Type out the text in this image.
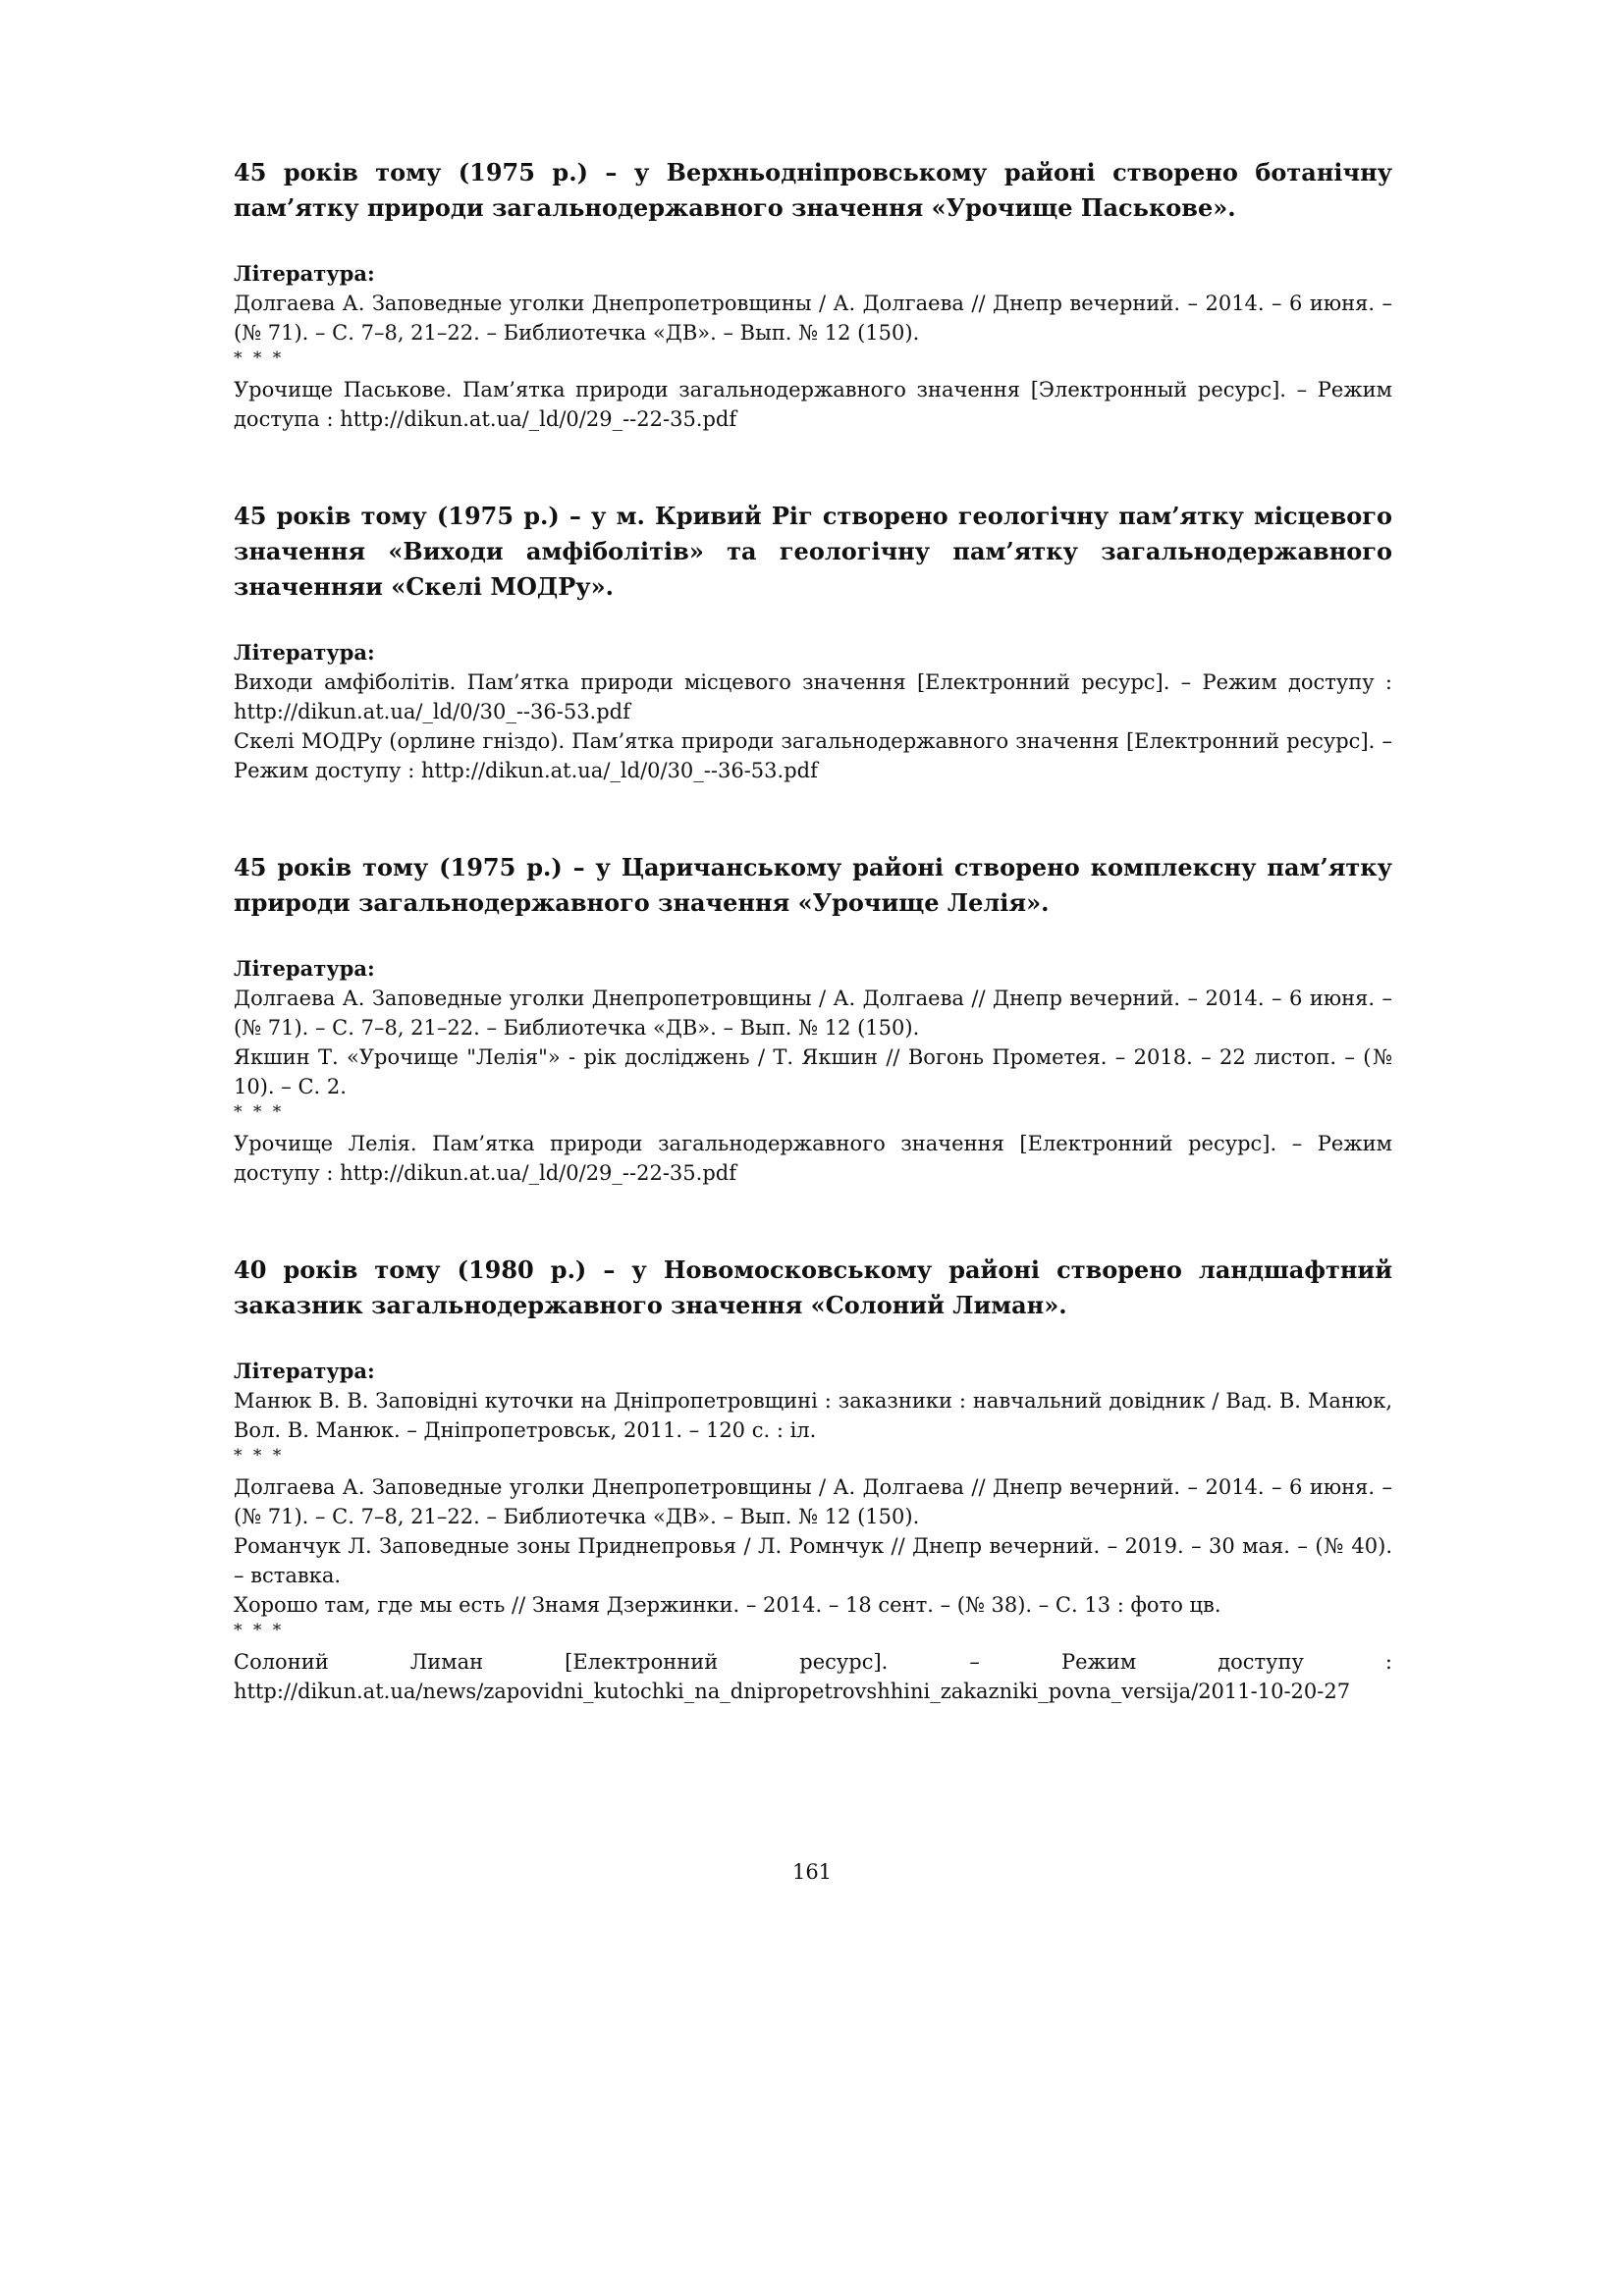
45 років тому (1975 р.) – у Верхньодніпровському районі створено ботанічну пам’ятку природи загальнодержавного значення «Урочище Паськове».

Література:

Долгаева А. Заповедные уголки Днепропетровщины / А. Долгаева // Днепр вечерний. – 2014. – 6 июня. – (№ 71). – С. 7–8, 21–22. – Библиотечка «ДВ». – Вып. № 12 (150).

* * *

Урочище Паськове. Пам’ятка природи загальнодержавного значення [Электронный ресурс]. – Режим доступа : http://dikun.at.ua/_ld/0/29_--22-35.pdf

45 років тому (1975 р.) – у м. Кривий Ріг створено геологічну пам’ятку місцевого значення «Виходи амфіболітів» та геологічну пам’ятку загальнодержавного значенняи «Скелі МОДРу».

Література:

Виходи амфіболітів. Пам’ятка природи місцевого значення [Електронний ресурс]. – Режим доступу : http://dikun.at.ua/_ld/0/30_--36-53.pdf

Скелі МОДРу (орлине гніздо). Пам’ятка природи загальнодержавного значення [Електронний ресурс]. – Режим доступу : http://dikun.at.ua/_ld/0/30_--36-53.pdf

45 років тому (1975 р.) – у Царичанському районі створено комплексну пам’ятку природи загальнодержавного значення «Урочище Лелія».

Література:

Долгаева А. Заповедные уголки Днепропетровщины / А. Долгаева // Днепр вечерний. – 2014. – 6 июня. – (№ 71). – С. 7–8, 21–22. – Библиотечка «ДВ». – Вып. № 12 (150).

Якшин Т. «Урочище "Лелія"» - рік досліджень / Т. Якшин // Вогонь Прометея. – 2018. – 22 листоп. – (№ 10). – С. 2.

* * *

Урочище Лелія. Пам’ятка природи загальнодержавного значення [Електронний ресурс]. – Режим доступу : http://dikun.at.ua/_ld/0/29_--22-35.pdf

40 років тому (1980 р.) – у Новомосковському районі створено ландшафтний заказник загальнодержавного значення «Солоний Лиман».

Література:

Манюк В. В. Заповідні куточки на Дніпропетровщині : заказники : навчальний довідник / Вад. В. Манюк, Вол. В. Манюк. – Дніпропетровськ, 2011. – 120 с. : іл.

* * *

Долгаева А. Заповедные уголки Днепропетровщины / А. Долгаева // Днепр вечерний. – 2014. – 6 июня. – (№ 71). – С. 7–8, 21–22. – Библиотечка «ДВ». – Вып. № 12 (150).

Романчук Л. Заповедные зоны Приднепровья / Л. Ромнчук // Днепр вечерний. – 2019. – 30 мая. – (№ 40). – вставка.

Хорошо там, где мы есть // Знамя Дзержинки. – 2014. – 18 сент. – (№ 38). – С. 13 : фото цв.

* * *

Солоний Лиман [Електронний ресурс]. – Режим доступу : http://dikun.at.ua/news/zapovidni_kutochki_na_dnipropetrovshhini_zakazniki_povna_versija/2011-10-20-27

161
